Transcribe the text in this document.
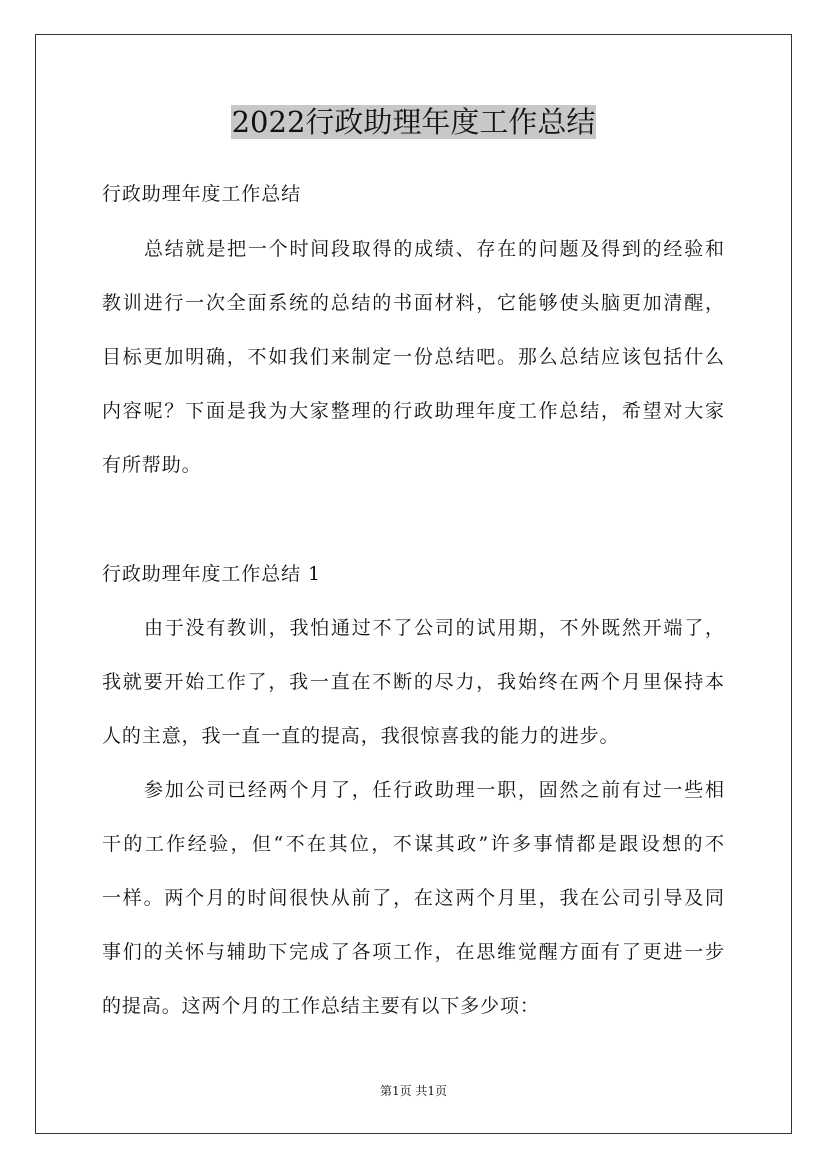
2022行政助理年度工作总结
行政助理年度工作总结
总结就是把一个时间段取得的成绩、存在的问题及得到的经验和
教训进行一次全面系统的总结的书面材料，它能够使头脑更加清醒，
目标更加明确，不如我们来制定一份总结吧。那么总结应该包括什么
内容呢？下面是我为大家整理的行政助理年度工作总结，希望对大家
有所帮助。
行政助理年度工作总结 1
由于没有教训，我怕通过不了公司的试用期，不外既然开端了，
我就要开始工作了，我一直在不断的尽力，我始终在两个月里保持本
人的主意，我一直一直的提高，我很惊喜我的能力的进步。
参加公司已经两个月了，任行政助理一职，固然之前有过一些相
干的工作经验，但“不在其位，不谋其政”许多事情都是跟设想的不
一样。两个月的时间很快从前了，在这两个月里，我在公司引导及同
事们的关怀与辅助下完成了各项工作，在思维觉醒方面有了更进一步
的提高。这两个月的工作总结主要有以下多少项：
第1页 共1页
